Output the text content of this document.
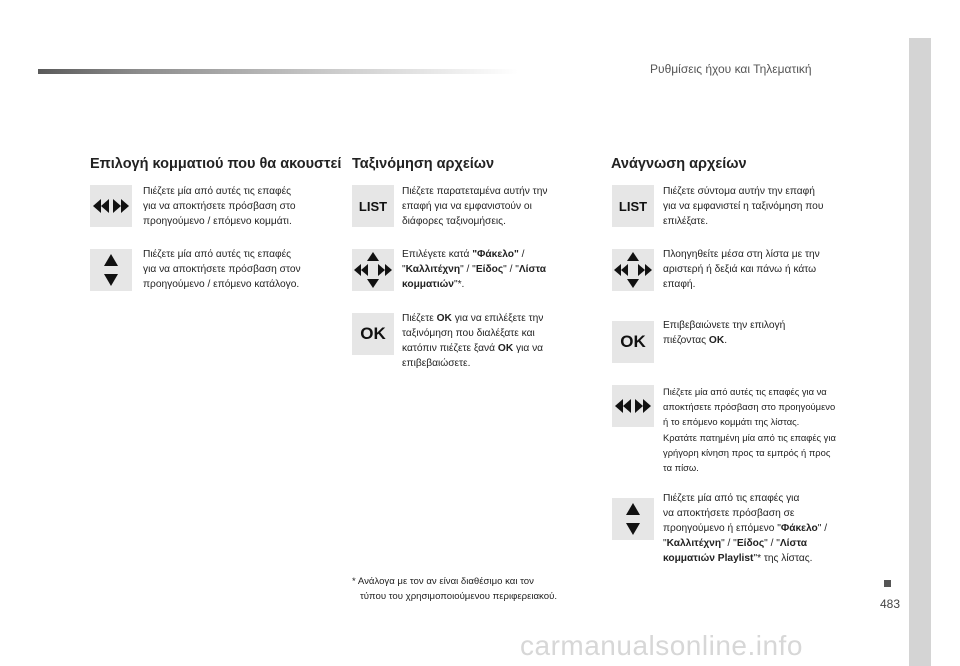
Ρυθμίσεις ήχου και Τηλεματική
483
Επιλογή κομματιού που θα ακουστεί
Πιέζετε μία από αυτές τις επαφές
για να αποκτήσετε πρόσβαση στο
προηγούμενο / επόμενο κομμάτι.
Πιέζετε μία από αυτές τις επαφές
για να αποκτήσετε πρόσβαση στον
προηγούμενο / επόμενο κατάλογο.
Ταξινόμηση αρχείων
LIST
Πιέζετε παρατεταμένα αυτήν την
επαφή για να εμφανιστούν οι
διάφορες ταξινομήσεις.
Επιλέγετε κατά "Φάκελο" /
"Καλλιτέχνη" / "Είδος" / "Λίστα
κομματιών"*.
OK
Πιέζετε OK για να επιλέξετε την
ταξινόμηση που διαλέξατε και
κατόπιν πιέζετε ξανά OK για να
επιβεβαιώσετε.
Ανάγνωση αρχείων
LIST
Πιέζετε σύντομα αυτήν την επαφή
για να εμφανιστεί η ταξινόμηση που
επιλέξατε.
Πλοηγηθείτε μέσα στη λίστα με την
αριστερή ή δεξιά και πάνω ή κάτω
επαφή.
OK
Επιβεβαιώνετε την επιλογή
πιέζοντας OK.
Πιέζετε μία από αυτές τις επαφές για να
αποκτήσετε πρόσβαση στο προηγούμενο
ή το επόμενο κομμάτι της λίστας.
Κρατάτε πατημένη μία από τις επαφές για
γρήγορη κίνηση προς τα εμπρός ή προς
τα πίσω.
Πιέζετε μία από τις επαφές για
να αποκτήσετε πρόσβαση σε
προηγούμενο ή επόμενο "Φάκελο" /
"Καλλιτέχνη" / "Είδος" / "Λίστα
κομματιών Playlist"* της λίστας.
* Ανάλογα με τον αν είναι διαθέσιμο και τον
τύπου του χρησιμοποιούμενου περιφερειακού.
carmanualsonline.info
